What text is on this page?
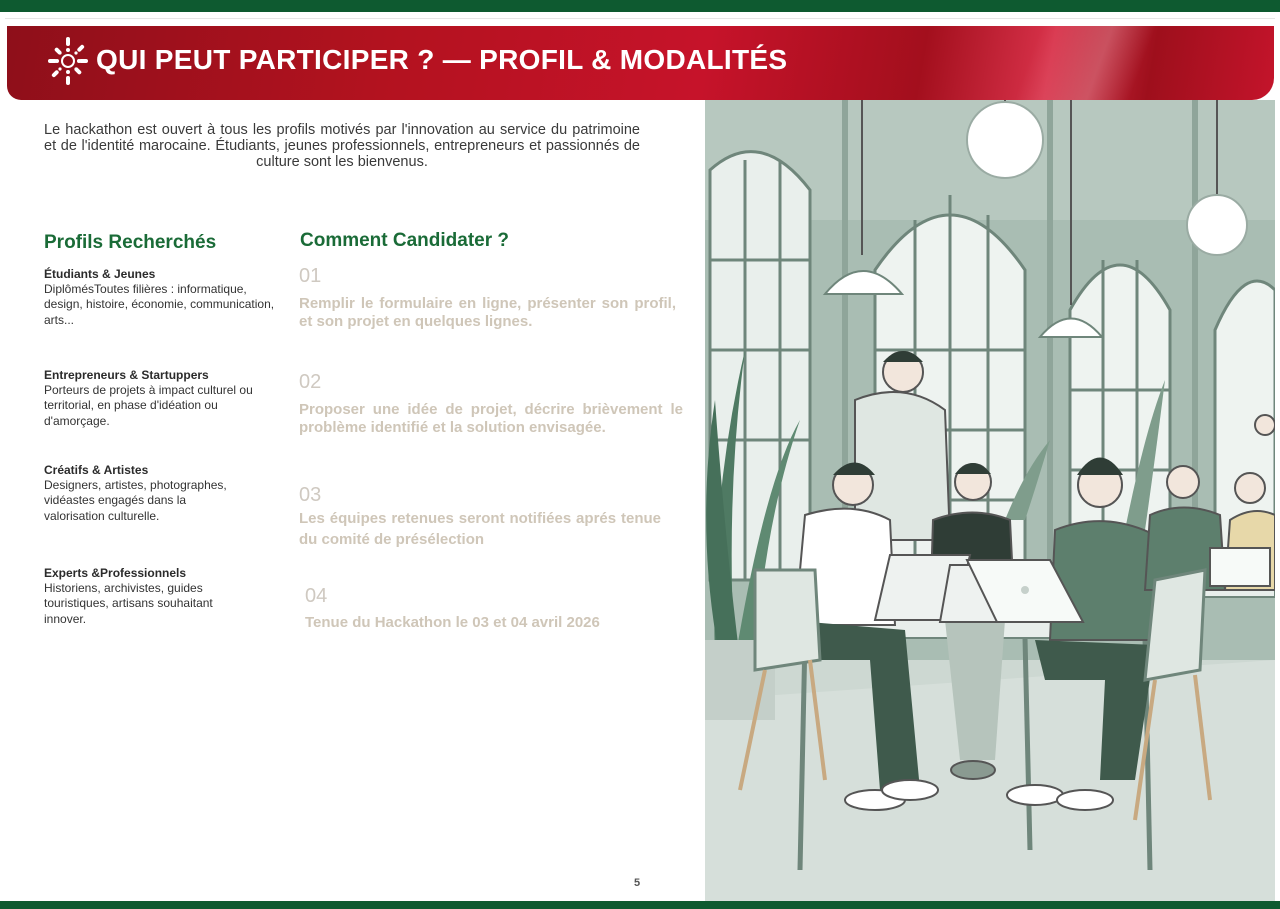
QUI PEUT PARTICIPER ? — PROFIL & MODALITÉS

Le hackathon est ouvert à tous les profils motivés par l'innovation au service du patrimoine et de l'identité marocaine. Étudiants, jeunes professionnels, entrepreneurs et passionnés de culture sont les bienvenus.

Profils Recherchés
Étudiants & Jeunes
DiplômésToutes filières : informatique, design, histoire, économie, communication, arts...
Entrepreneurs & Startuppers
Porteurs de projets à impact culturel ou territorial, en phase d'idéation ou d'amorçage.
Créatifs & Artistes
Designers, artistes, photographes, vidéastes engagés dans la valorisation culturelle.
Experts &Professionnels
Historiens, archivistes, guides touristiques, artisans souhaitant innover.
Comment Candidater ?
01
Remplir le formulaire en ligne, présenter son profil, et son projet en quelques lignes.
02
Proposer une idée de projet, décrire brièvement le problème identifié et la solution envisagée.
03
Les équipes retenues seront notifiées aprés tenue du comité de présélection
04
Tenue du Hackathon le 03 et 04 avril 2026
5
